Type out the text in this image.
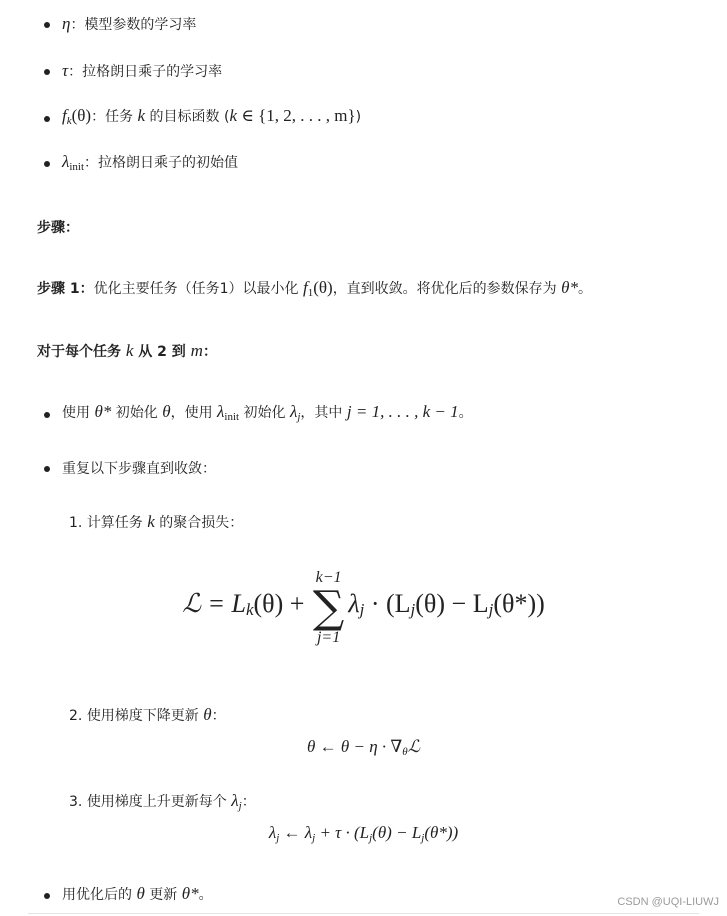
η：模型参数的学习率
τ：拉格朗日乘子的学习率
$f_k(\theta)$：任务 k 的目标函数 (k ∈ {1, 2, . . . , m})
$\lambda_{init}$：拉格朗日乘子的初始值
步骤：
步骤 1：优化主要任务（任务1）以最小化 $f_1(\theta)$，直到收敛。将优化后的参数保存为 θ*。
对于每个任务 k 从 2 到 m：
使用 θ* 初始化 θ，使用 $\lambda_{init}$ 初始化 $\lambda_j$，其中 j = 1, . . . , k − 1。
重复以下步骤直到收敛：
1. 计算任务 k 的聚合损失：
ℒ = Lk(θ) +
k−1
∑
j=1
λj · (Lj(θ) − Lj(θ*))
2. 使用梯度下降更新 θ：
θ ← $\theta - \eta \cdot \nabla_\theta ℒ$
3. 使用梯度上升更新每个 $\lambda_j$：
$\lambda_j$ ← $\lambda_j + \tau \cdot (L_j(\theta) - L_j(\theta*))$
用优化后的 θ 更新 θ*。	CSDN @UQI-LIUWJ
